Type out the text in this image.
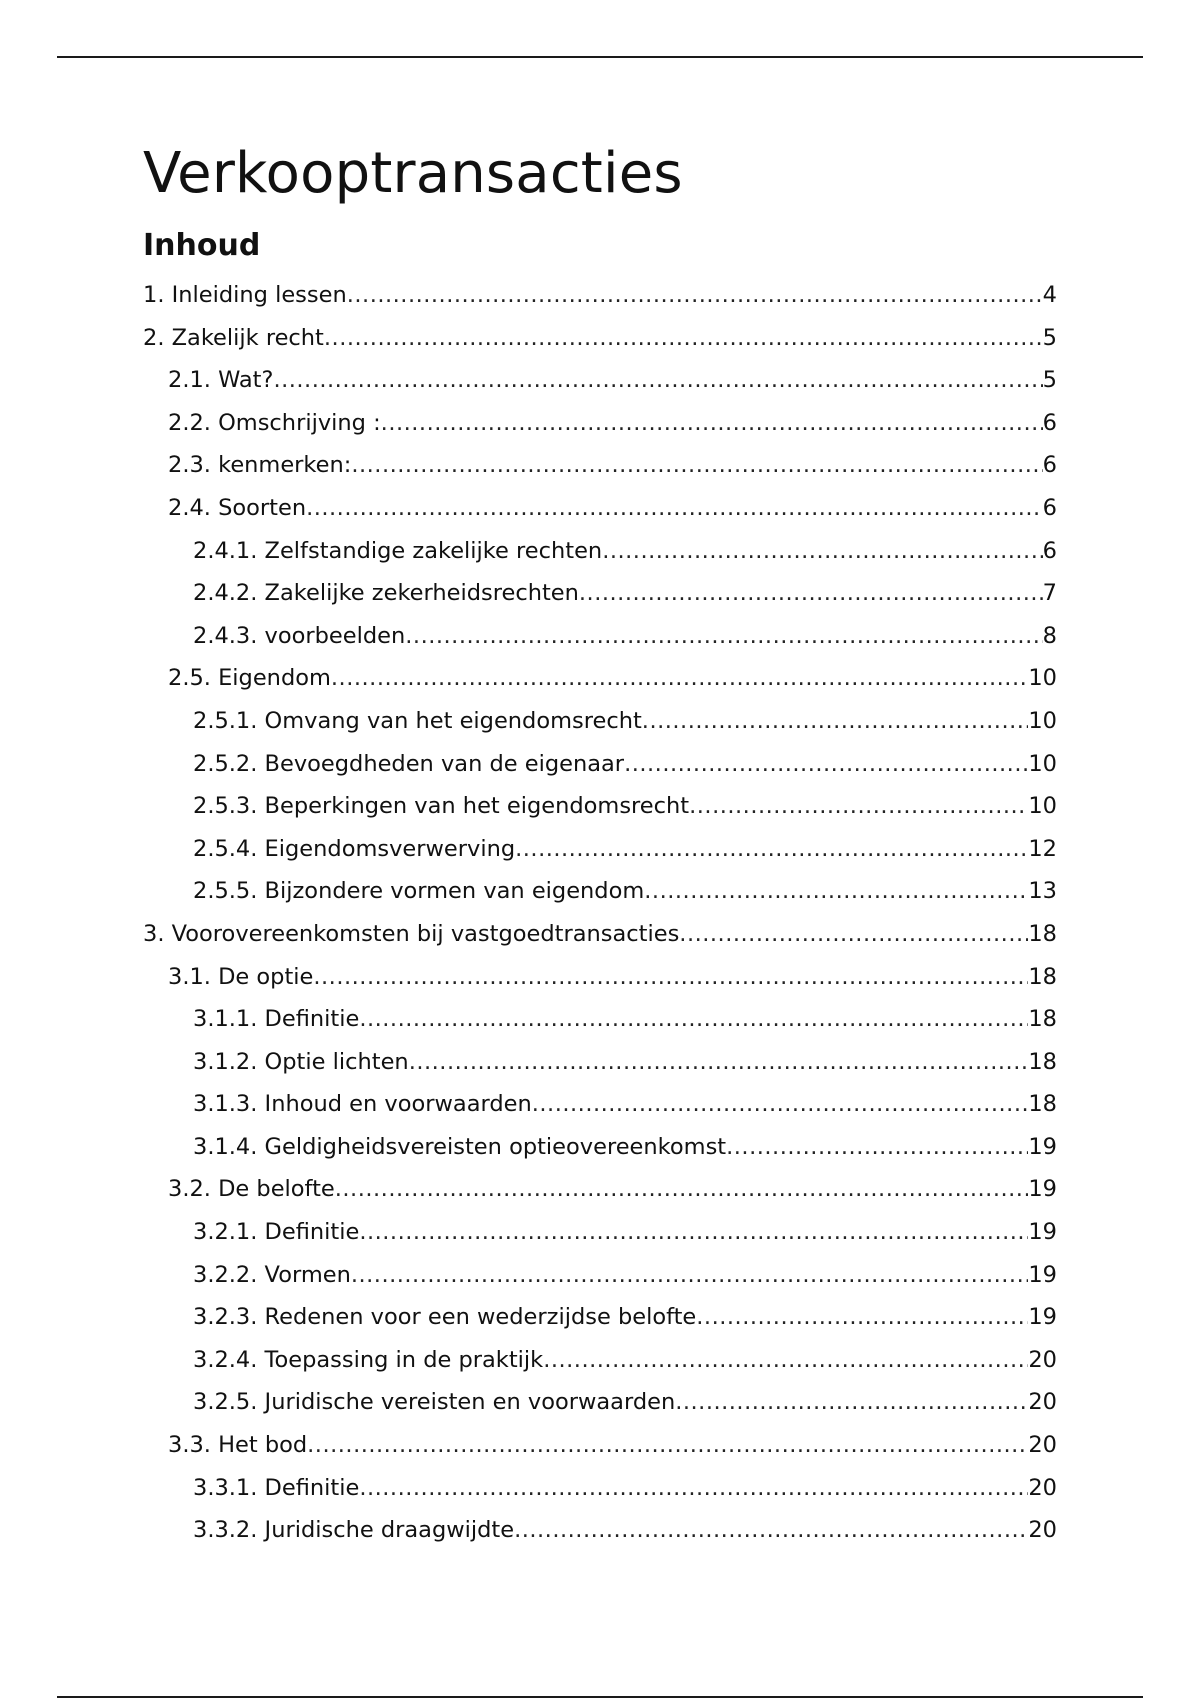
Verkooptransacties
Inhoud
1. Inleiding lessen .....	4
2. Zakelijk recht .....	5
2.1. Wat? .....	5
2.2. Omschrijving : .....	6
2.3. kenmerken: .....	6
2.4. Soorten .....	6
2.4.1. Zelfstandige zakelijke rechten .....	6
2.4.2. Zakelijke zekerheidsrechten .....	7
2.4.3. voorbeelden .....	8
2.5. Eigendom .....	10
2.5.1. Omvang van het eigendomsrecht .....	10
2.5.2. Bevoegdheden van de eigenaar .....	10
2.5.3. Beperkingen van het eigendomsrecht .....	10
2.5.4. Eigendomsverwerving .....	12
2.5.5. Bijzondere vormen van eigendom .....	13
3. Voorovereenkomsten bij vastgoedtransacties .....	18
3.1. De optie .....	18
3.1.1. Definitie .....	18
3.1.2. Optie lichten .....	18
3.1.3. Inhoud en voorwaarden .....	18
3.1.4. Geldigheidsvereisten optieovereenkomst .....	19
3.2. De belofte .....	19
3.2.1. Definitie .....	19
3.2.2. Vormen .....	19
3.2.3. Redenen voor een wederzijdse belofte .....	19
3.2.4. Toepassing in de praktijk .....	20
3.2.5. Juridische vereisten en voorwaarden .....	20
3.3. Het bod .....	20
3.3.1. Definitie .....	20
3.3.2. Juridische draagwijdte .....	20
